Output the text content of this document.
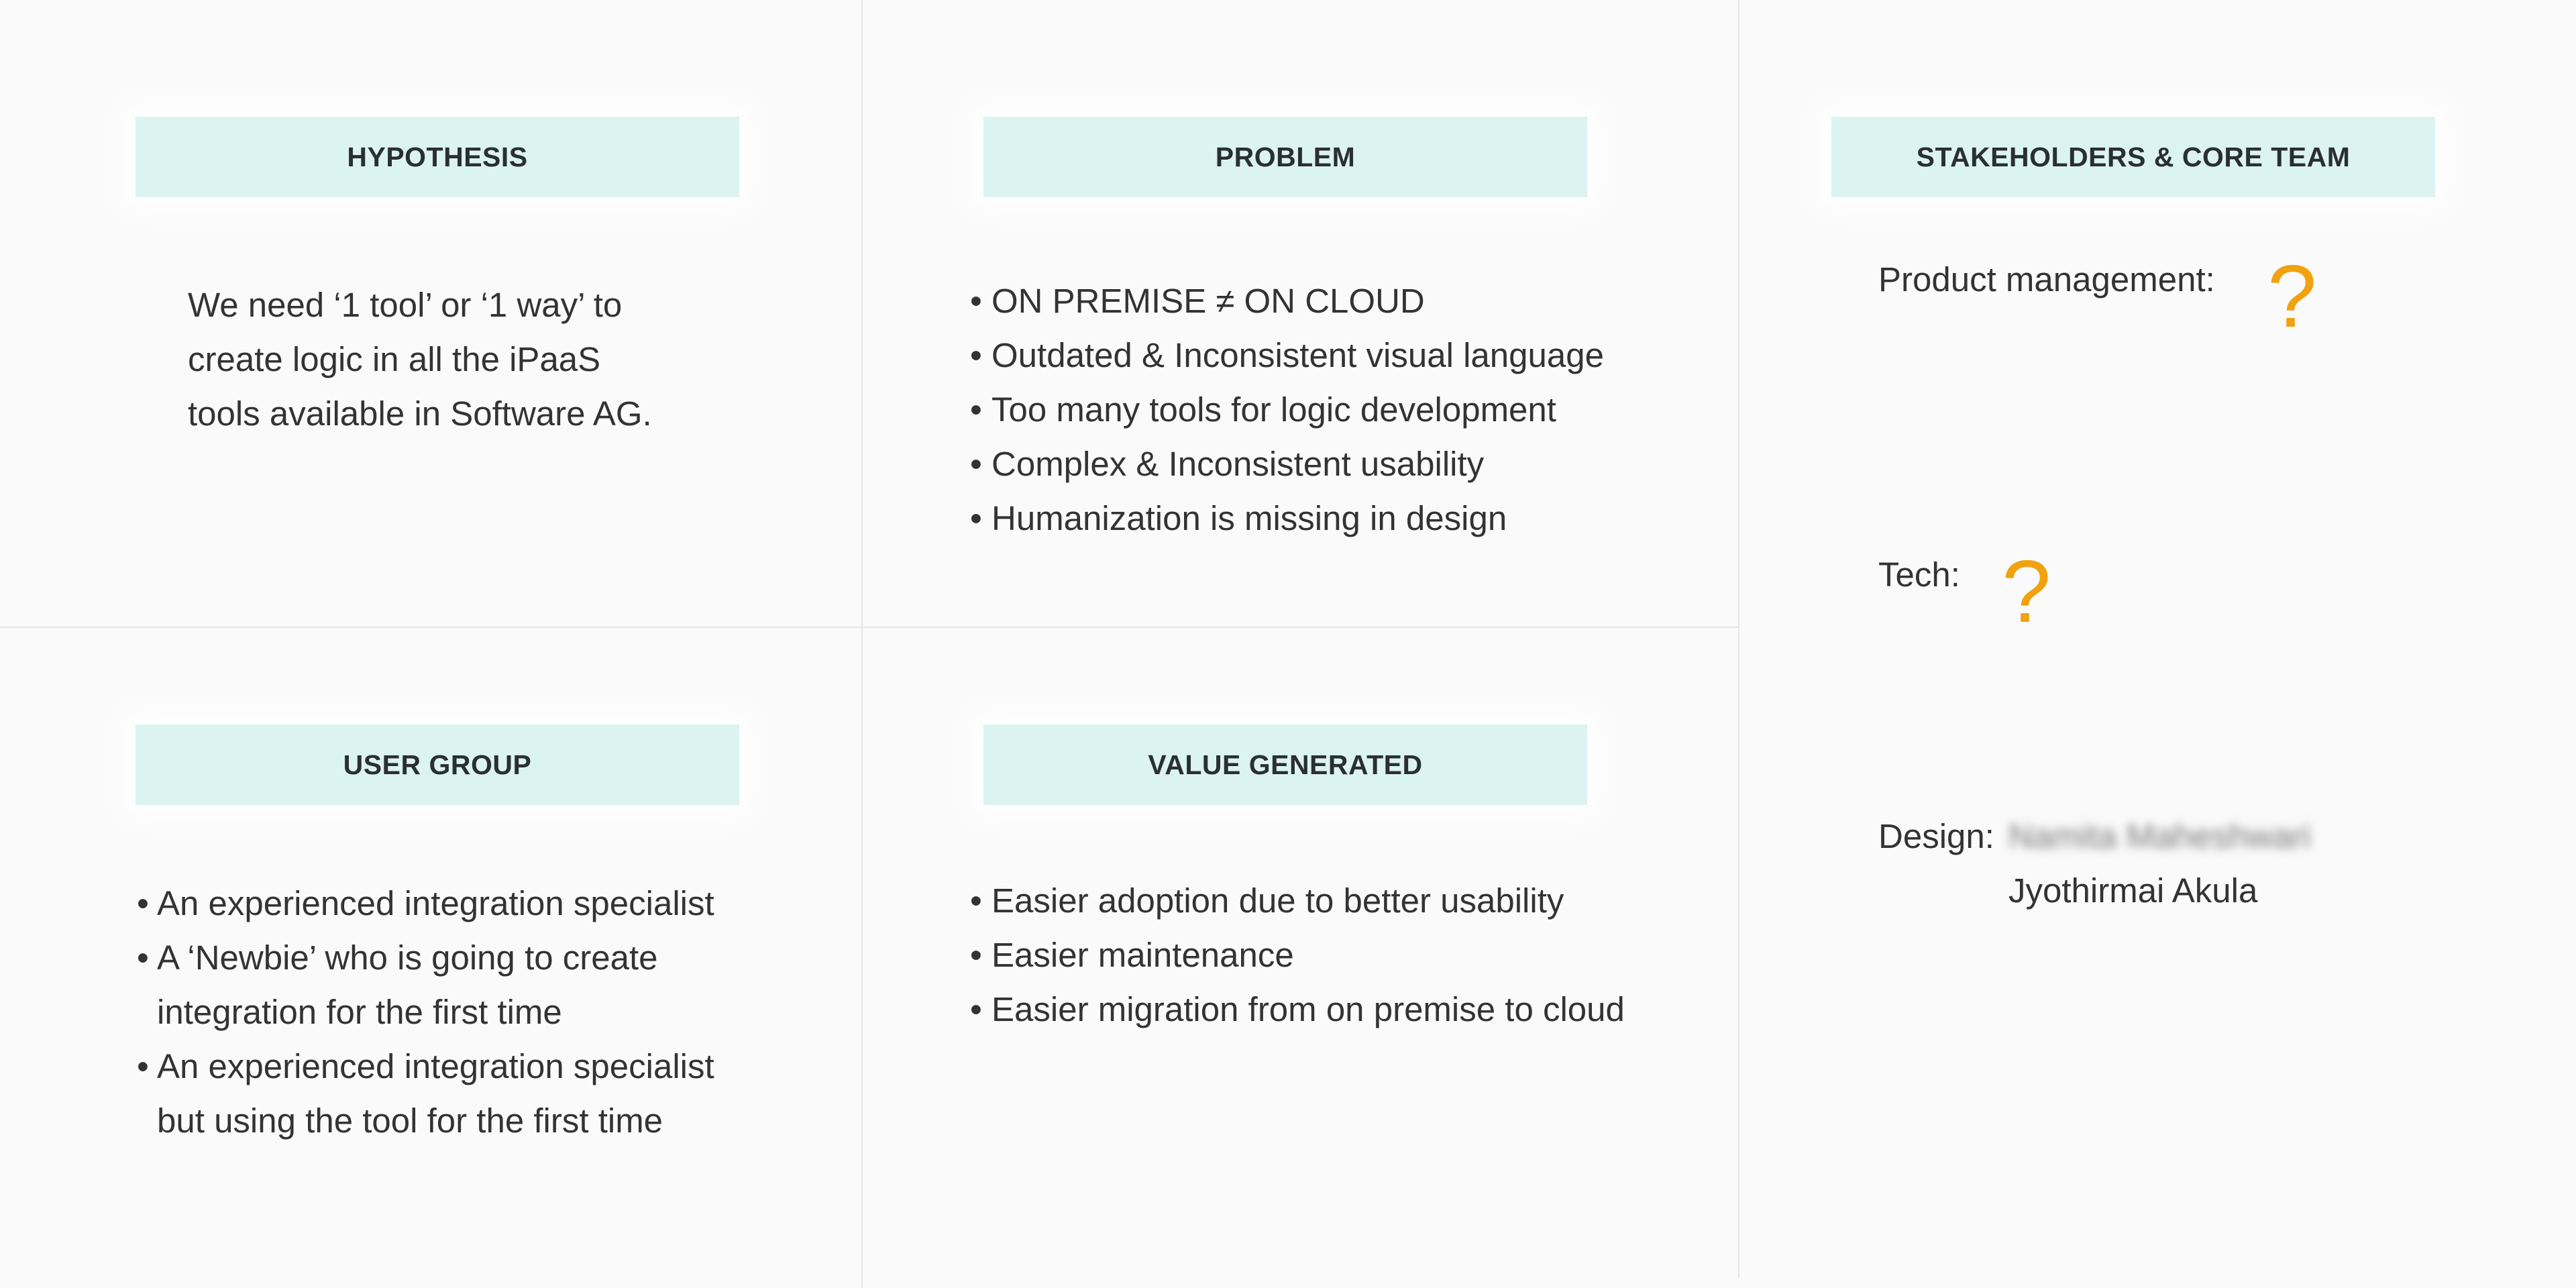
HYPOTHESIS

We need ‘1 tool’ or ‘1 way’ to
create logic in all the iPaaS
tools available in Software AG.

PROBLEM
• ON PREMISE ≠ ON CLOUD
• Outdated & Inconsistent visual language
• Too many tools for logic development
• Complex & Inconsistent usability
• Humanization is missing in design
STAKEHOLDERS & CORE TEAM
Product management: ?
Tech: ?
Design: Namita Maheshwari
Jyothirmai Akula
USER GROUP
• An experienced integration specialist
• A ‘Newbie’ who is going to create integration for the first time
• An experienced integration specialist but using the tool for the first time
VALUE GENERATED
• Easier adoption due to better usability
• Easier maintenance
• Easier migration from on premise to cloud
